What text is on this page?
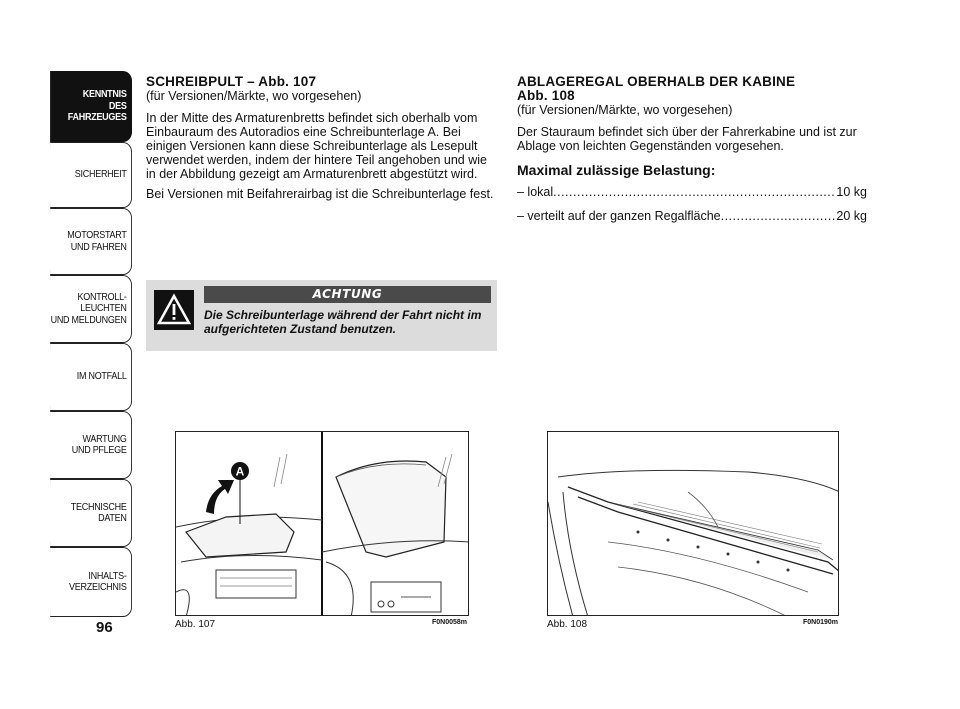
KENNTNIS
DES FAHRZEUGES
SICHERHEIT
MOTORSTART
UND FAHREN
KONTROLL-
LEUCHTEN
UND MELDUNGEN
IM NOTFALL
WARTUNG
UND PFLEGE
TECHNISCHE
DATEN
INHALTS-
VERZEICHNIS
96
SCHREIBPULT – Abb. 107

(für Versionen/Märkte, wo vorgesehen)

In der Mitte des Armaturenbretts befindet sich oberhalb vom Einbauraum des Autoradios eine Schreibunterlage A. Bei einigen Versionen kann diese Schreibunterlage als Lesepult verwendet werden, indem der hintere Teil angehoben und wie in der Abbildung gezeigt am Armaturenbrett abgestützt wird.

Bei Versionen mit Beifahrerairbag ist die Schreibunterlage fest.

ACHTUNG
Die Schreibunterlage während der Fahrt nicht im aufgerichteten Zustand benutzen.
ABLAGEREGAL OBERHALB DER KABINE
Abb. 108

(für Versionen/Märkte, wo vorgesehen)

Der Stauraum befindet sich über der Fahrerkabine und ist zur Ablage von leichten Gegenständen vorgesehen.

Maximal zulässige Belastung:
– lokal .....	10 kg
– verteilt auf der ganzen Regalfläche .....	20 kg
A
Abb. 107	F0N0058m	Abb. 108	F0N0190m
